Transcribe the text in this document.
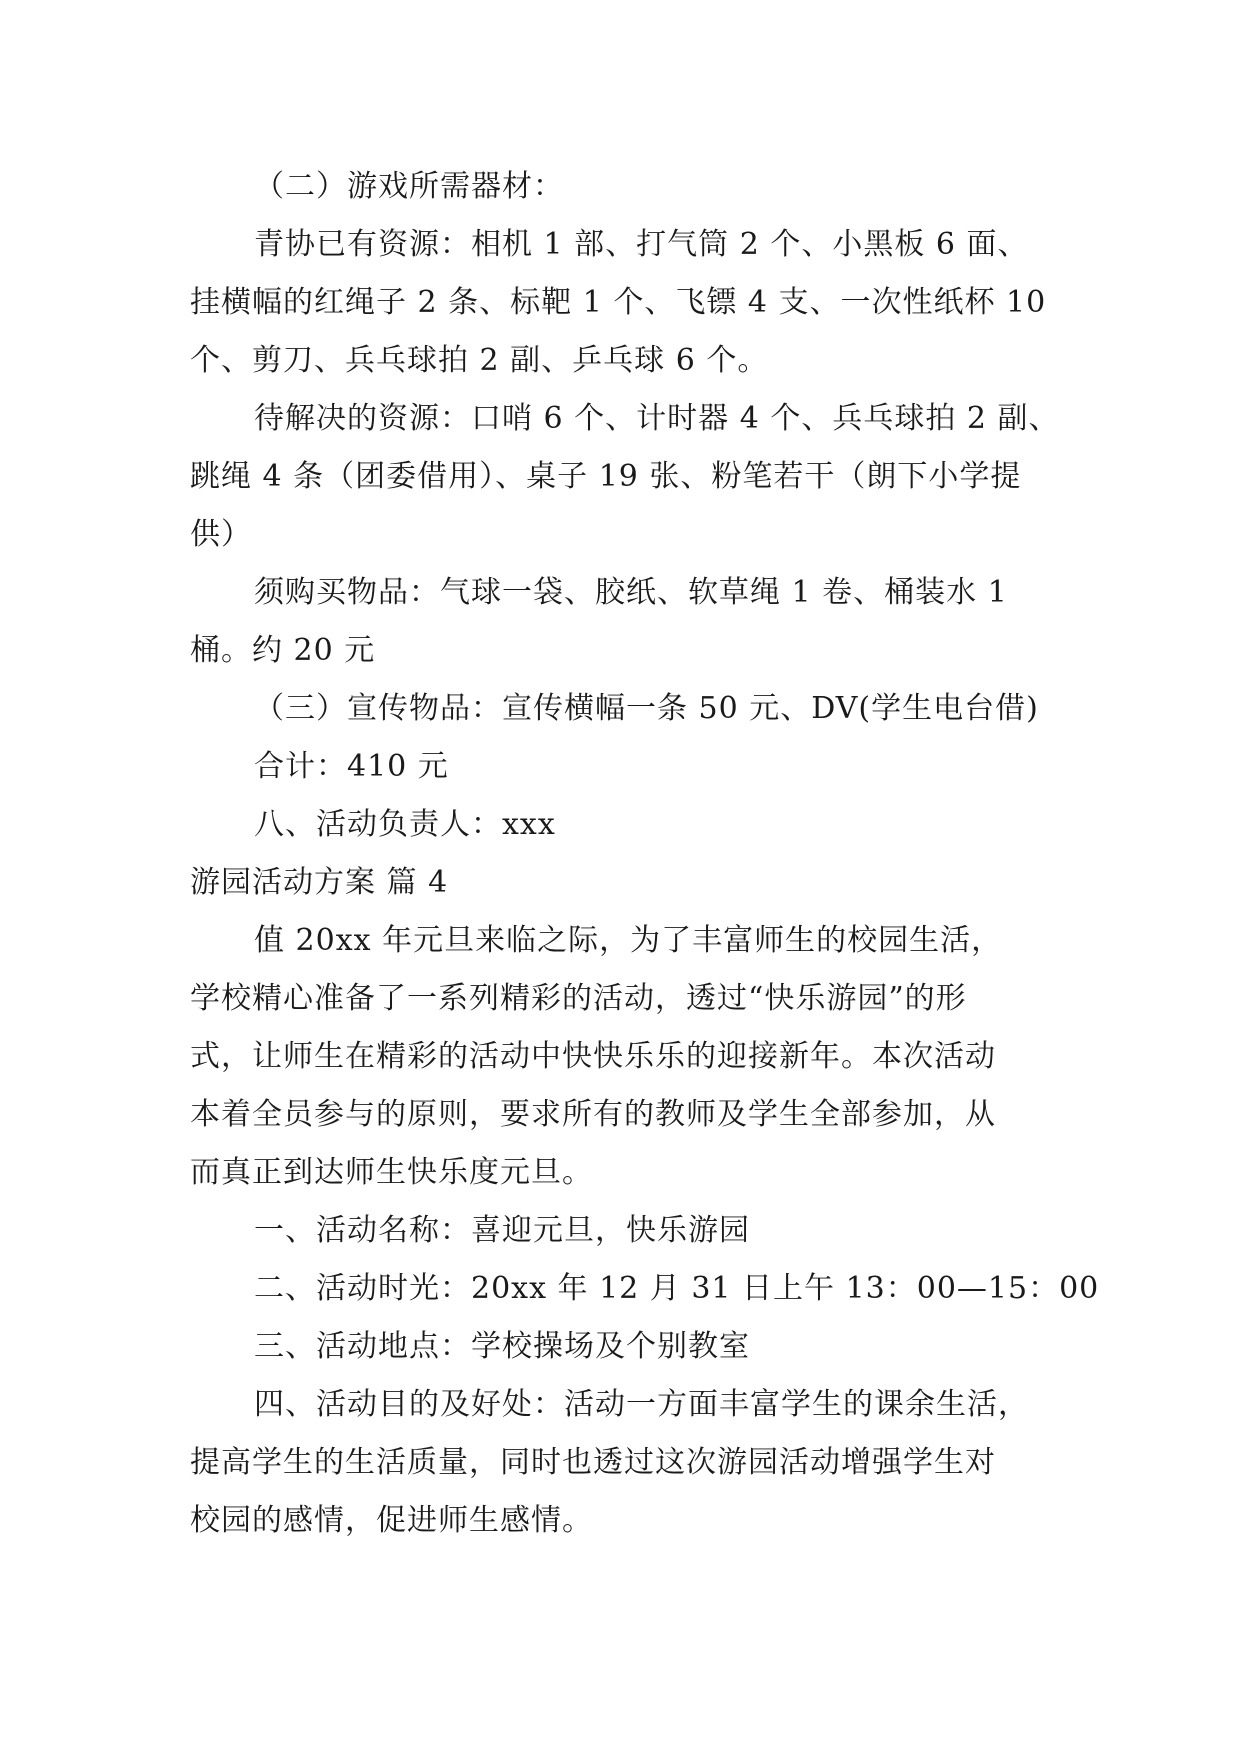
（二）游戏所需器材：
青协已有资源：相机 1 部、打气筒 2 个、小黑板 6 面、
挂横幅的红绳子 2 条、标靶 1 个、飞镖 4 支、一次性纸杯 10
个、剪刀、兵乓球拍 2 副、乒乓球 6 个。
待解决的资源：口哨 6 个、计时器 4 个、兵乓球拍 2 副、
跳绳 4 条（团委借用）、桌子 19 张、粉笔若干（朗下小学提
供）
须购买物品：气球一袋、胶纸、软草绳 1 卷、桶装水 1
桶。约 20 元
（三）宣传物品：宣传横幅一条 50 元、DV(学生电台借)
合计：410 元
八、活动负责人：xxx
游园活动方案 篇 4
值 20xx 年元旦来临之际，为了丰富师生的校园生活，
学校精心准备了一系列精彩的活动，透过“快乐游园”的形
式，让师生在精彩的活动中快快乐乐的迎接新年。本次活动
本着全员参与的原则，要求所有的教师及学生全部参加，从
而真正到达师生快乐度元旦。
一、活动名称：喜迎元旦，快乐游园
二、活动时光：20xx 年 12 月 31 日上午 13：00—15：00
三、活动地点：学校操场及个别教室
四、活动目的及好处：活动一方面丰富学生的课余生活，
提高学生的生活质量，同时也透过这次游园活动增强学生对
校园的感情，促进师生感情。
